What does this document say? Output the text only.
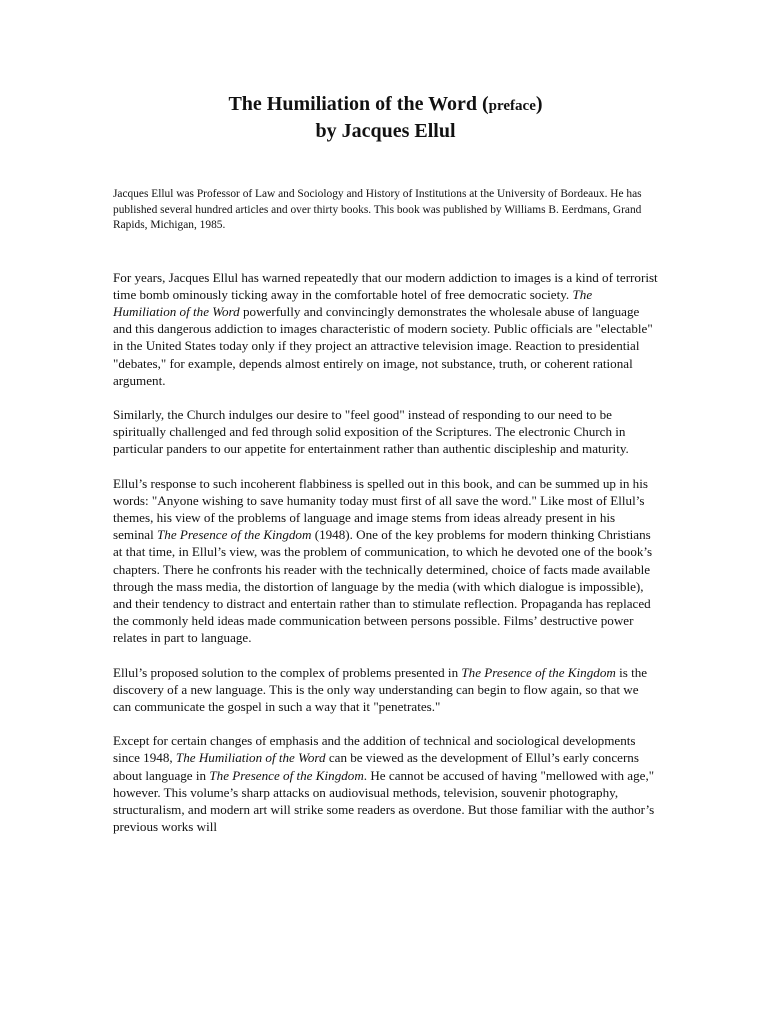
The Humiliation of the Word (preface)
by Jacques Ellul

Jacques Ellul was Professor of Law and Sociology and History of Institutions at the University of Bordeaux. He has published several hundred articles and over thirty books. This book was published by Williams B. Eerdmans, Grand Rapids, Michigan, 1985.

For years, Jacques Ellul has warned repeatedly that our modern addiction to images is a kind of terrorist time bomb ominously ticking away in the comfortable hotel of free democratic society. The Humiliation of the Word powerfully and convincingly demonstrates the wholesale abuse of language and this dangerous addiction to images characteristic of modern society. Public officials are "electable" in the United States today only if they project an attractive television image. Reaction to presidential "debates," for example, depends almost entirely on image, not substance, truth, or coherent rational argument.

Similarly, the Church indulges our desire to "feel good" instead of responding to our need to be spiritually challenged and fed through solid exposition of the Scriptures. The electronic Church in particular panders to our appetite for entertainment rather than authentic discipleship and maturity.

Ellul’s response to such incoherent flabbiness is spelled out in this book, and can be summed up in his words: "Anyone wishing to save humanity today must first of all save the word." Like most of Ellul’s themes, his view of the problems of language and image stems from ideas already present in his seminal The Presence of the Kingdom (1948). One of the key problems for modern thinking Christians at that time, in Ellul’s view, was the problem of communication, to which he devoted one of the book’s chapters. There he confronts his reader with the technically determined, choice of facts made available through the mass media, the distortion of language by the media (with which dialogue is impossible), and their tendency to distract and entertain rather than to stimulate reflection. Propaganda has replaced the commonly held ideas made communication between persons possible. Films’ destructive power relates in part to language.

Ellul’s proposed solution to the complex of problems presented in The Presence of the Kingdom is the discovery of a new language. This is the only way understanding can begin to flow again, so that we can communicate the gospel in such a way that it "penetrates."

Except for certain changes of emphasis and the addition of technical and sociological developments since 1948, The Humiliation of the Word can be viewed as the development of Ellul’s early concerns about language in The Presence of the Kingdom. He cannot be accused of having "mellowed with age," however. This volume’s sharp attacks on audiovisual methods, television, souvenir photography, structuralism, and modern art will strike some readers as overdone. But those familiar with the author’s previous works will
